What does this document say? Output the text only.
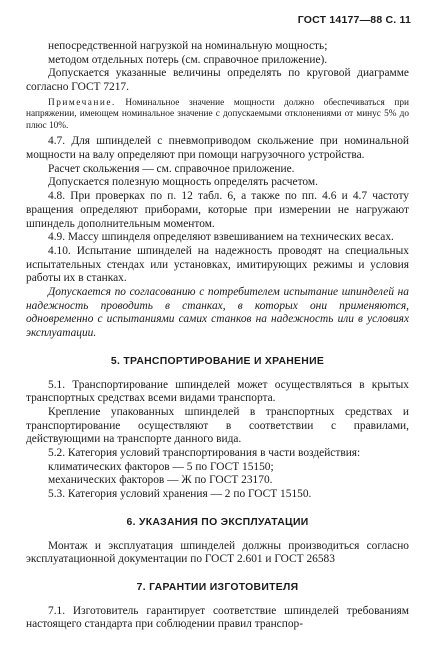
ГОСТ 14177—88 С. 11

непосредственной нагрузкой на номинальную мощность;

методом отдельных потерь (см. справочное приложение).

Допускается указанные величины определять по круговой диаграмме согласно ГОСТ 7217.

Примечание. Номинальное значение мощности должно обеспечиваться при напряжении, имеющем номинальное значение с допускаемыми отклонениями от минус 5% до плюс 10%.

4.7. Для шпинделей с пневмоприводом скольжение при номинальной мощности на валу определяют при помощи нагрузочного устройства.

Расчет скольжения — см. справочное приложение.

Допускается полезную мощность определять расчетом.

4.8. При проверках по п. 12 табл. 6, а также по пп. 4.6 и 4.7 частоту вращения определяют приборами, которые при измерении не нагружают шпиндель дополнительным моментом.

4.9. Массу шпинделя определяют взвешиванием на технических весах.

4.10. Испытание шпинделей на надежность проводят на специальных испытательных стендах или установках, имитирующих режимы и условия работы их в станках.

Допускается по согласованию с потребителем испытание шпинделей на надежность проводить в станках, в которых они применяются, одновременно с испытаниями самих станков на надежность или в условиях эксплуатации.

5. ТРАНСПОРТИРОВАНИЕ И ХРАНЕНИЕ

5.1. Транспортирование шпинделей может осуществляться в крытых транспортных средствах всеми видами транспорта.

Крепление упакованных шпинделей в транспортных средствах и транспортирование осуществляют в соответствии с правилами, действующими на транспорте данного вида.

5.2. Категория условий транспортирования в части воздействия:

климатических факторов — 5 по ГОСТ 15150;

механических факторов — Ж по ГОСТ 23170.

5.3. Категория условий хранения — 2 по ГОСТ 15150.

6. УКАЗАНИЯ ПО ЭКСПЛУАТАЦИИ

Монтаж и эксплуатация шпинделей должны производиться согласно эксплуатационной документации по ГОСТ 2.601 и ГОСТ 26583

7. ГАРАНТИИ ИЗГОТОВИТЕЛЯ

7.1. Изготовитель гарантирует соответствие шпинделей требованиям настоящего стандарта при соблюдении правил транспор-
